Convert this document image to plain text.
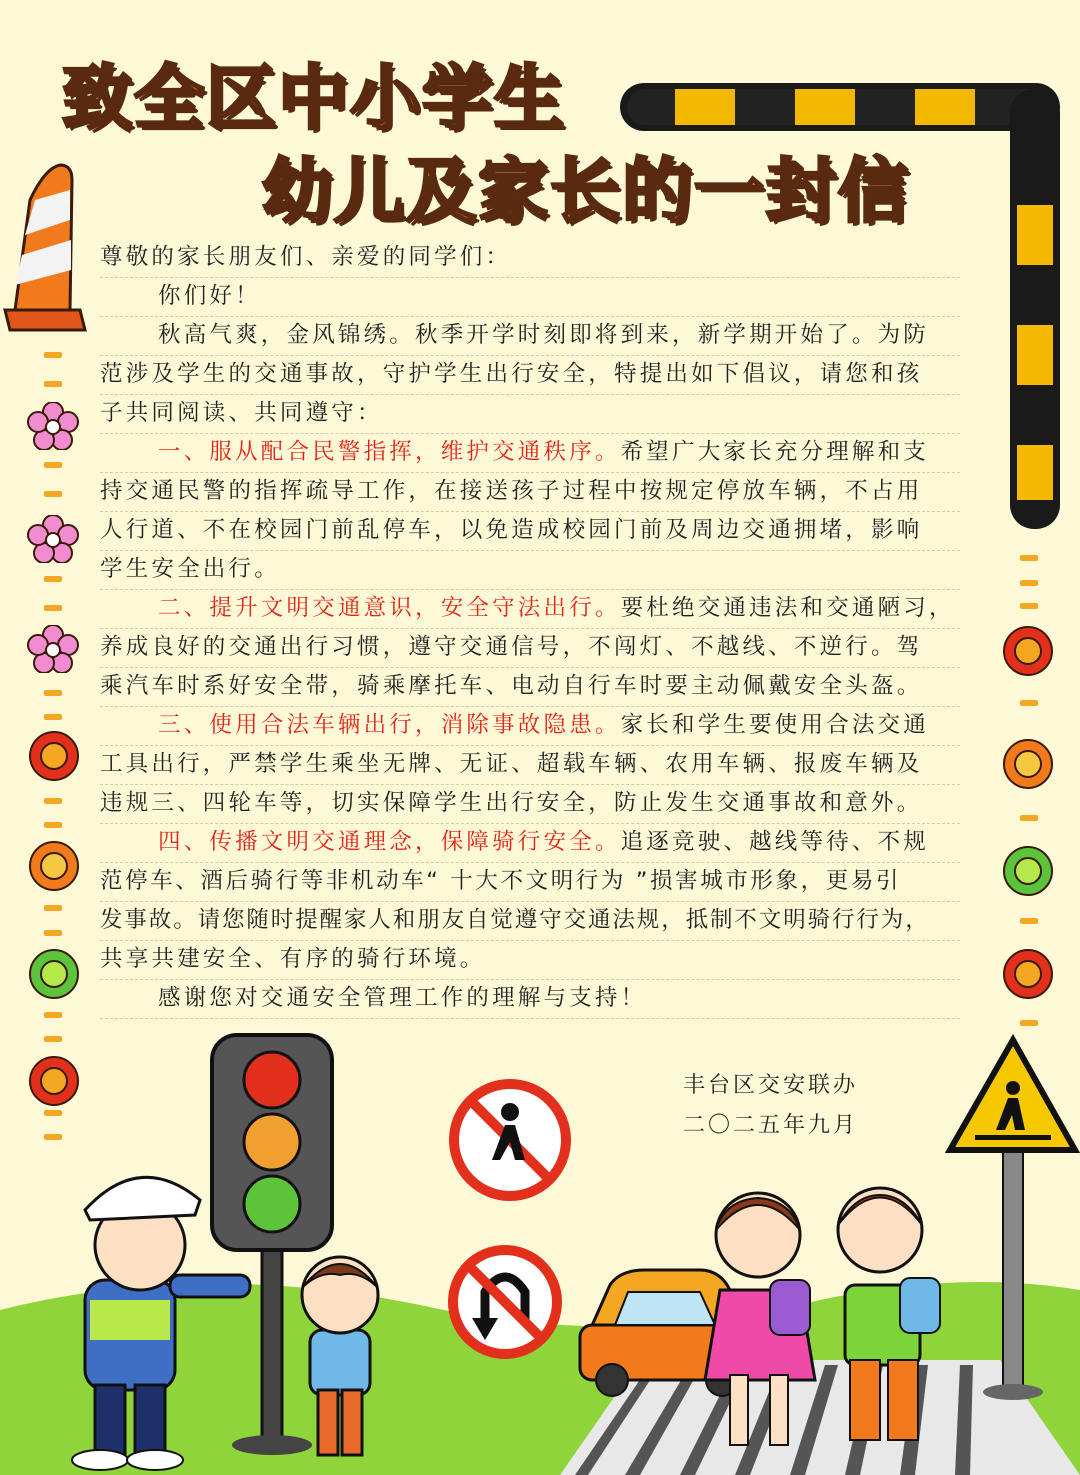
致全区中小学生
幼儿及家长的一封信
尊敬的家长朋友们、亲爱的同学们：
你们好！
秋高气爽，金风锦绣。秋季开学时刻即将到来，新学期开始了。为防
范涉及学生的交通事故，守护学生出行安全，特提出如下倡议，请您和孩
子共同阅读、共同遵守：
一、服从配合民警指挥，维护交通秩序。希望广大家长充分理解和支
持交通民警的指挥疏导工作，在接送孩子过程中按规定停放车辆，不占用
人行道、不在校园门前乱停车，以免造成校园门前及周边交通拥堵，影响
学生安全出行。
二、提升文明交通意识，安全守法出行。要杜绝交通违法和交通陋习，
养成良好的交通出行习惯，遵守交通信号，不闯灯、不越线、不逆行。驾
乘汽车时系好安全带，骑乘摩托车、电动自行车时要主动佩戴安全头盔。
三、使用合法车辆出行，消除事故隐患。家长和学生要使用合法交通
工具出行，严禁学生乘坐无牌、无证、超载车辆、农用车辆、报废车辆及
违规三、四轮车等，切实保障学生出行安全，防止发生交通事故和意外。
四、传播文明交通理念，保障骑行安全。追逐竞驶、越线等待、不规
范停车、酒后骑行等非机动车“ 十大不文明行为 ”损害城市形象，更易引
发事故。请您随时提醒家人和朋友自觉遵守交通法规，抵制不文明骑行行为，
共享共建安全、有序的骑行环境。
感谢您对交通安全管理工作的理解与支持！
丰台区交安联办
二〇二五年九月
